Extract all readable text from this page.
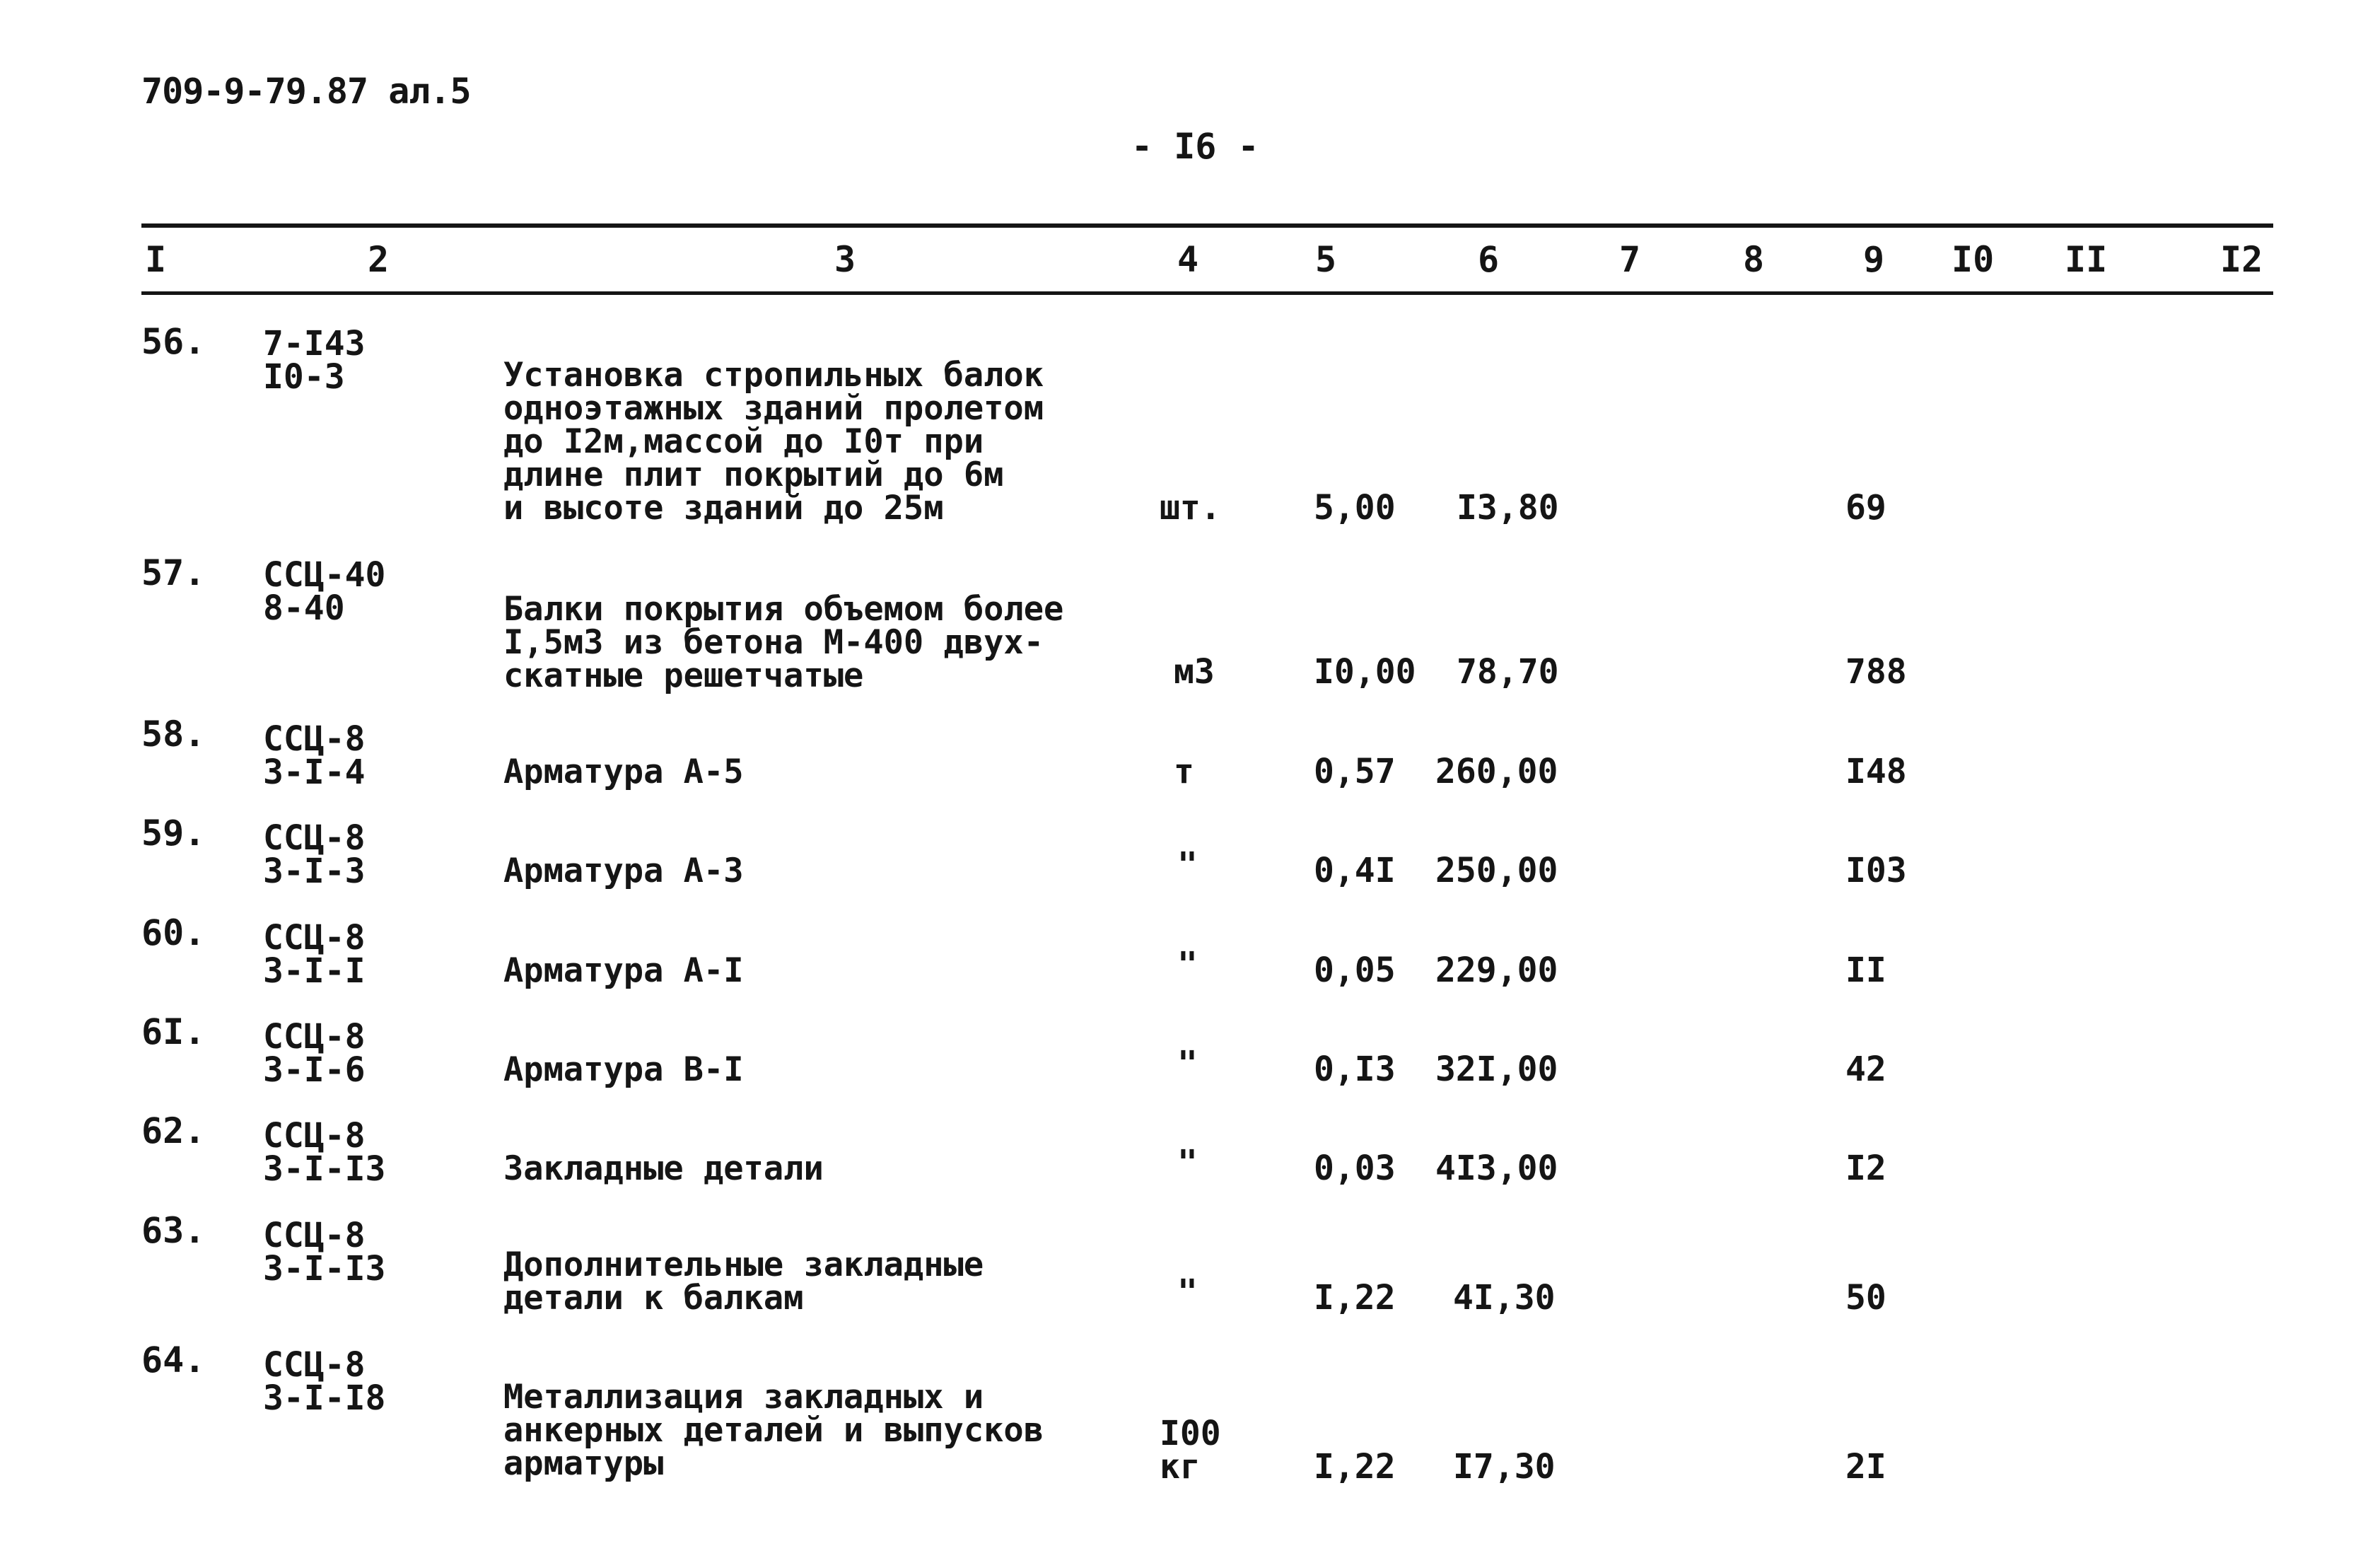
709-9-79.87 ал.5
- I6 -
I	2	3	4	5	6	7	8	9 I0 II	I2
56. 7-I43
I0-3	Установка стропильных балок
одноэтажных зданий пролетом
до I2м,массой до I0т при
длине плит покрытий до 6м
и высоте зданий до 25м	шт.	5,00 I3,80	69
57. ССЦ-40
8-40	Балки покрытия объемом более
I,5м3 из бетона М-400 двух-
скатные решетчатые	м3	I0,00 78,70	788
58. ССЦ-8
3-I-4	Арматура А-5	т	0,57 260,00	I48
59. ССЦ-8
3-I-3	Арматура А-3	"	0,4I 250,00	I03
60. ССЦ-8
3-I-I	Арматура А-I	"	0,05 229,00	II
6I. ССЦ-8
3-I-6	Арматура В-I	"	0,I3 32I,00	42
62. ССЦ-8
3-I-I3	Закладные детали	"	0,03 4I3,00	I2
63. ССЦ-8
3-I-I3	Дополнительные закладные
детали к балкам	"	I,22 4I,30	50
64. ССЦ-8
3-I-I8	Металлизация закладных и
анкерных деталей и выпусков
арматуры
I00
кг	I,22 I7,30	2I
